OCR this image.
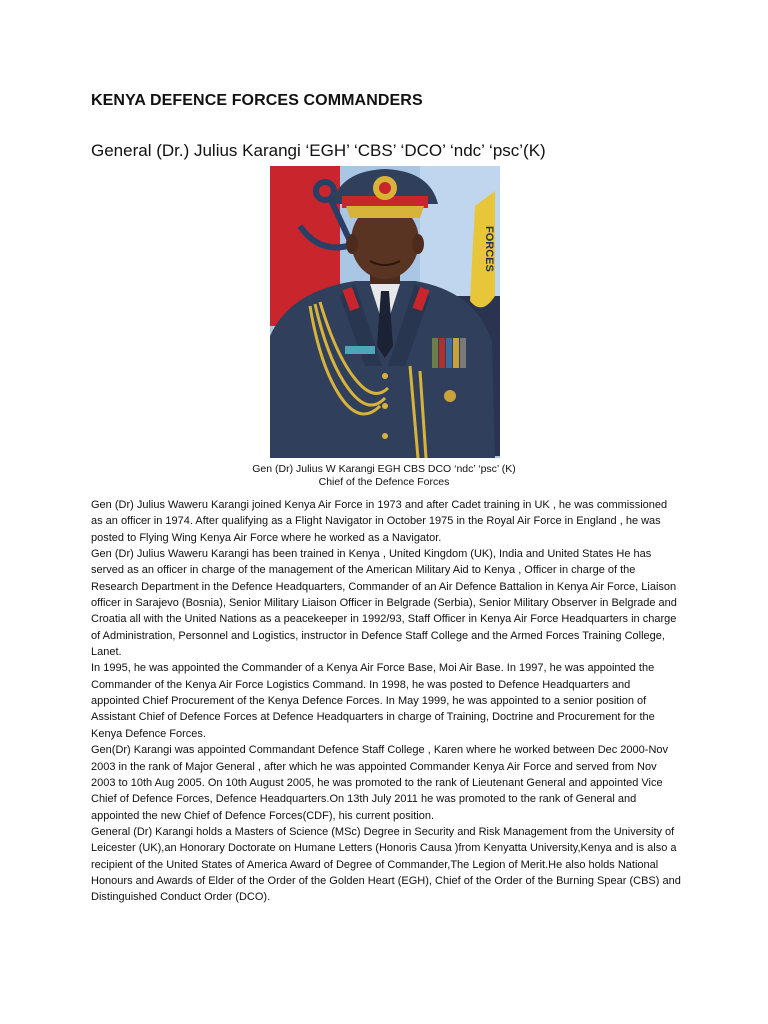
KENYA DEFENCE FORCES COMMANDERS
General (Dr.) Julius Karangi ‘EGH’ ‘CBS’ ‘DCO’ ‘ndc’ ‘psc’(K)
FORCES
Gen (Dr) Julius W Karangi EGH CBS DCO ‘ndc’ ‘psc’ (K)
Chief of the Defence Forces

Gen (Dr) Julius Waweru Karangi joined Kenya Air Force in 1973 and after Cadet training in UK , he was commissioned as an officer in 1974. After qualifying as a Flight Navigator in October 1975 in the Royal Air Force in England , he was posted to Flying Wing Kenya Air Force where he worked as a Navigator.

Gen (Dr) Julius Waweru Karangi has been trained in Kenya , United Kingdom (UK), India and United States He has served as an officer in charge of the management of the American Military Aid to Kenya , Officer in charge of the Research Department in the Defence Headquarters, Commander of an Air Defence Battalion in Kenya Air Force, Liaison officer in Sarajevo (Bosnia), Senior Military Liaison Officer in Belgrade (Serbia), Senior Military Observer in Belgrade and Croatia all with the United Nations as a peacekeeper in 1992/93, Staff Officer in Kenya Air Force Headquarters in charge of Administration, Personnel and Logistics, instructor in Defence Staff College and the Armed Forces Training College, Lanet.

In 1995, he was appointed the Commander of a Kenya Air Force Base, Moi Air Base. In 1997, he was appointed the Commander of the Kenya Air Force Logistics Command. In 1998, he was posted to Defence Headquarters and appointed Chief Procurement of the Kenya Defence Forces. In May 1999, he was appointed to a senior position of Assistant Chief of Defence Forces at Defence Headquarters in charge of Training, Doctrine and Procurement for the Kenya Defence Forces.

Gen(Dr) Karangi was appointed Commandant Defence Staff College , Karen where he worked between Dec 2000-Nov 2003 in the rank of Major General , after which he was appointed Commander Kenya Air Force and served from Nov 2003 to 10th Aug 2005. On 10th August 2005, he was promoted to the rank of Lieutenant General and appointed Vice Chief of Defence Forces, Defence Headquarters.On 13th July 2011 he was promoted to the rank of General and appointed the new Chief of Defence Forces(CDF), his current position.

General (Dr) Karangi holds a Masters of Science (MSc) Degree in Security and Risk Management from the University of Leicester (UK),an Honorary Doctorate on Humane Letters (Honoris Causa )from Kenyatta University,Kenya and is also a recipient of the United States of America Award of Degree of Commander,The Legion of Merit.He also holds National Honours and Awards of Elder of the Order of the Golden Heart (EGH), Chief of the Order of the Burning Spear (CBS) and Distinguished Conduct Order (DCO).
